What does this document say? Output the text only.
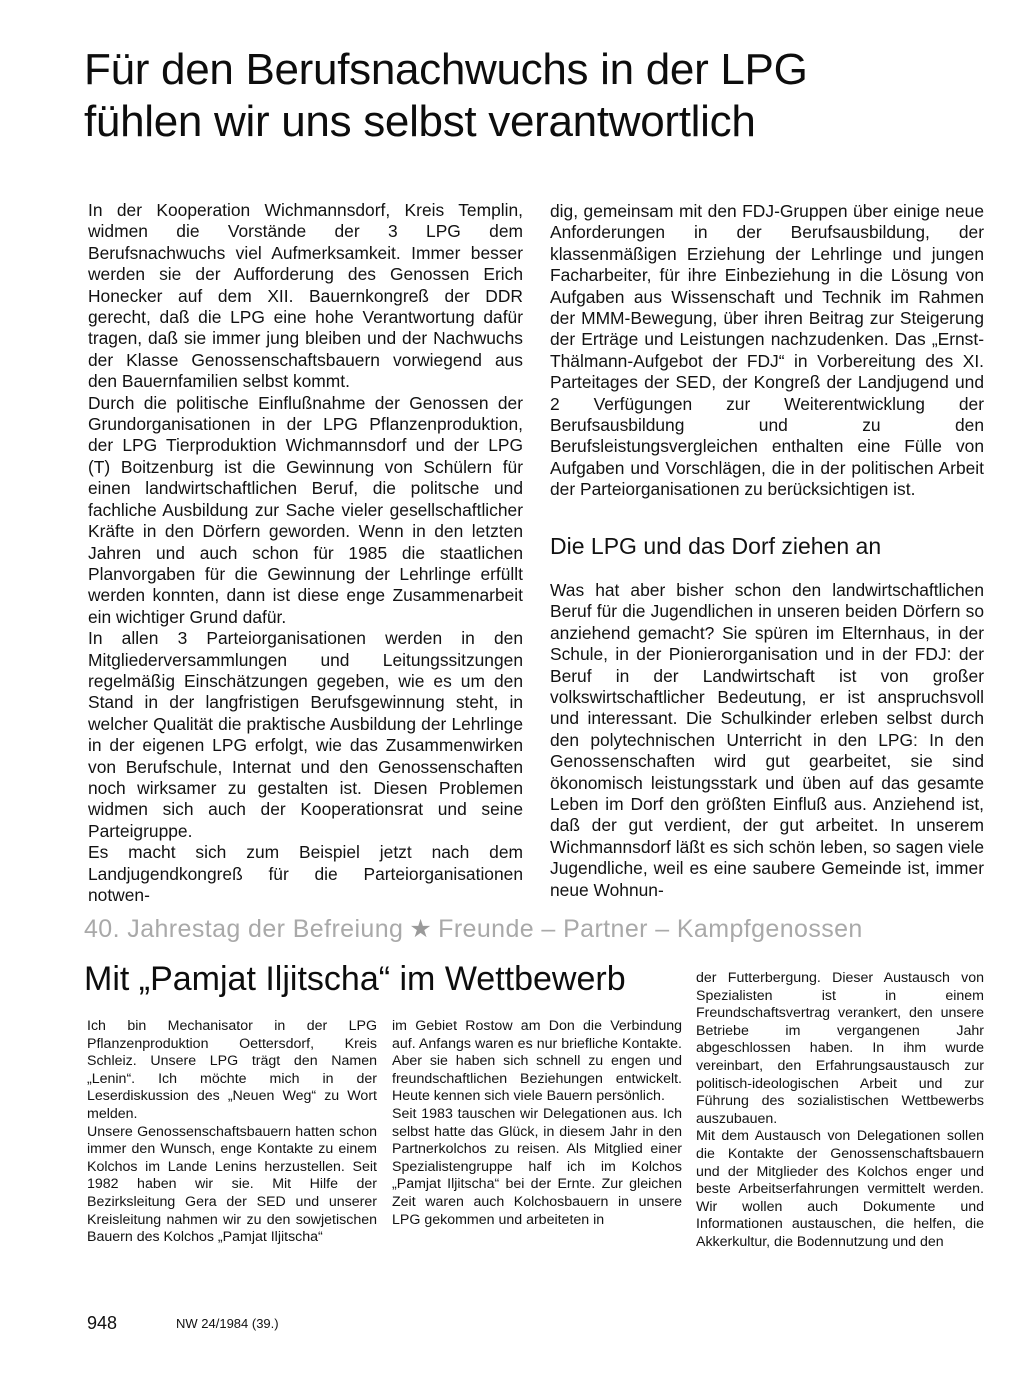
Für den Berufsnachwuchs in der LPG
fühlen wir uns selbst verantwortlich

In der Kooperation Wichmannsdorf, Kreis Templin, widmen die Vorstände der 3 LPG dem Berufsnachwuchs viel Aufmerksamkeit. Immer besser werden sie der Aufforderung des Genossen Erich Honecker auf dem XII. Bauernkongreß der DDR gerecht, daß die LPG eine hohe Verantwortung dafür tragen, daß sie immer jung bleiben und der Nachwuchs der Klasse Genossenschaftsbauern vorwiegend aus den Bauernfamilien selbst kommt.

Durch die politische Einflußnahme der Genossen der Grundorganisationen in der LPG Pflanzenproduktion, der LPG Tierproduktion Wichmannsdorf und der LPG (T) Boitzenburg ist die Gewinnung von Schülern für einen landwirtschaftlichen Beruf, die politsche und fachliche Ausbildung zur Sache vieler gesellschaftlicher Kräfte in den Dörfern geworden. Wenn in den letzten Jahren und auch schon für 1985 die staatlichen Planvorgaben für die Gewinnung der Lehrlinge erfüllt werden konnten, dann ist diese enge Zusammenarbeit ein wichtiger Grund dafür.

In allen 3 Parteiorganisationen werden in den Mitgliederversammlungen und Leitungssitzungen regelmäßig Einschätzungen gegeben, wie es um den Stand in der langfristigen Berufsgewinnung steht, in welcher Qualität die praktische Ausbildung der Lehrlinge in der eigenen LPG erfolgt, wie das Zusammenwirken von Berufschule, Internat und den Genossenschaften noch wirksamer zu gestalten ist. Diesen Problemen widmen sich auch der Kooperationsrat und seine Parteigruppe.

Es macht sich zum Beispiel jetzt nach dem Landjugendkongreß für die Parteiorganisationen notwen-

dig, gemeinsam mit den FDJ-Gruppen über einige neue Anforderungen in der Berufsausbildung, der klassenmäßigen Erziehung der Lehrlinge und jungen Facharbeiter, für ihre Einbeziehung in die Lösung von Aufgaben aus Wissenschaft und Technik im Rahmen der MMM-Bewegung, über ihren Beitrag zur Steigerung der Erträge und Leistungen nachzudenken. Das „Ernst-Thälmann-Aufgebot der FDJ“ in Vorbereitung des XI. Parteitages der SED, der Kongreß der Landjugend und 2 Verfügungen zur Weiterentwicklung der Berufsausbildung und zu den Berufsleistungsvergleichen enthalten eine Fülle von Aufgaben und Vorschlägen, die in der politischen Arbeit der Parteiorganisationen zu berücksichtigen ist.

Die LPG und das Dorf ziehen an

Was hat aber bisher schon den landwirtschaftlichen Beruf für die Jugendlichen in unseren beiden Dörfern so anziehend gemacht? Sie spüren im Elternhaus, in der Schule, in der Pionierorganisation und in der FDJ: der Beruf in der Landwirtschaft ist von großer volkswirtschaftlicher Bedeutung, er ist anspruchsvoll und interessant. Die Schulkinder erleben selbst durch den polytechnischen Unterricht in den LPG: In den Genossenschaften wird gut gearbeitet, sie sind ökonomisch leistungsstark und üben auf das gesamte Leben im Dorf den größten Einfluß aus. Anziehend ist, daß der gut verdient, der gut arbeitet. In unserem Wichmannsdorf läßt es sich schön leben, so sagen viele Jugendliche, weil es eine saubere Gemeinde ist, immer neue Wohnun-

40. Jahrestag der Befreiung ★ Freunde – Partner – Kampfgenossen
Mit „Pamjat Iljitscha“ im Wettbewerb

Ich bin Mechanisator in der LPG Pflanzenproduktion Oettersdorf, Kreis Schleiz. Unsere LPG trägt den Namen „Lenin“. Ich möchte mich in der Leserdiskussion des „Neuen Weg“ zu Wort melden.

Unsere Genossenschaftsbauern hatten schon immer den Wunsch, enge Kontakte zu einem Kolchos im Lande Lenins herzustellen. Seit 1982 haben wir sie. Mit Hilfe der Bezirksleitung Gera der SED und unserer Kreisleitung nahmen wir zu den sowjetischen Bauern des Kolchos „Pamjat Iljitscha“

im Gebiet Rostow am Don die Verbindung auf. Anfangs waren es nur briefliche Kontakte. Aber sie haben sich schnell zu engen und freundschaftlichen Beziehungen entwickelt. Heute kennen sich viele Bauern persönlich.

Seit 1983 tauschen wir Delegationen aus. Ich selbst hatte das Glück, in diesem Jahr in den Partnerkolchos zu reisen. Als Mitglied einer Spezialistengruppe half ich im Kolchos „Pamjat Iljitscha“ bei der Ernte. Zur gleichen Zeit waren auch Kolchosbauern in unsere LPG gekommen und arbeiteten in

der Futterbergung. Dieser Austausch von Spezialisten ist in einem Freundschaftsvertrag verankert, den unsere Betriebe im vergangenen Jahr abgeschlossen haben. In ihm wurde vereinbart, den Erfahrungsaustausch zur politisch-ideologischen Arbeit und zur Führung des sozialistischen Wettbewerbs auszubauen.

Mit dem Austausch von Delegationen sollen die Kontakte der Genossenschaftsbauern und der Mitglieder des Kolchos enger und beste Arbeitserfahrungen vermittelt werden. Wir wollen auch Dokumente und Informationen austauschen, die helfen, die Akkerkultur, die Bodennutzung und den

948	NW 24/1984 (39.)
